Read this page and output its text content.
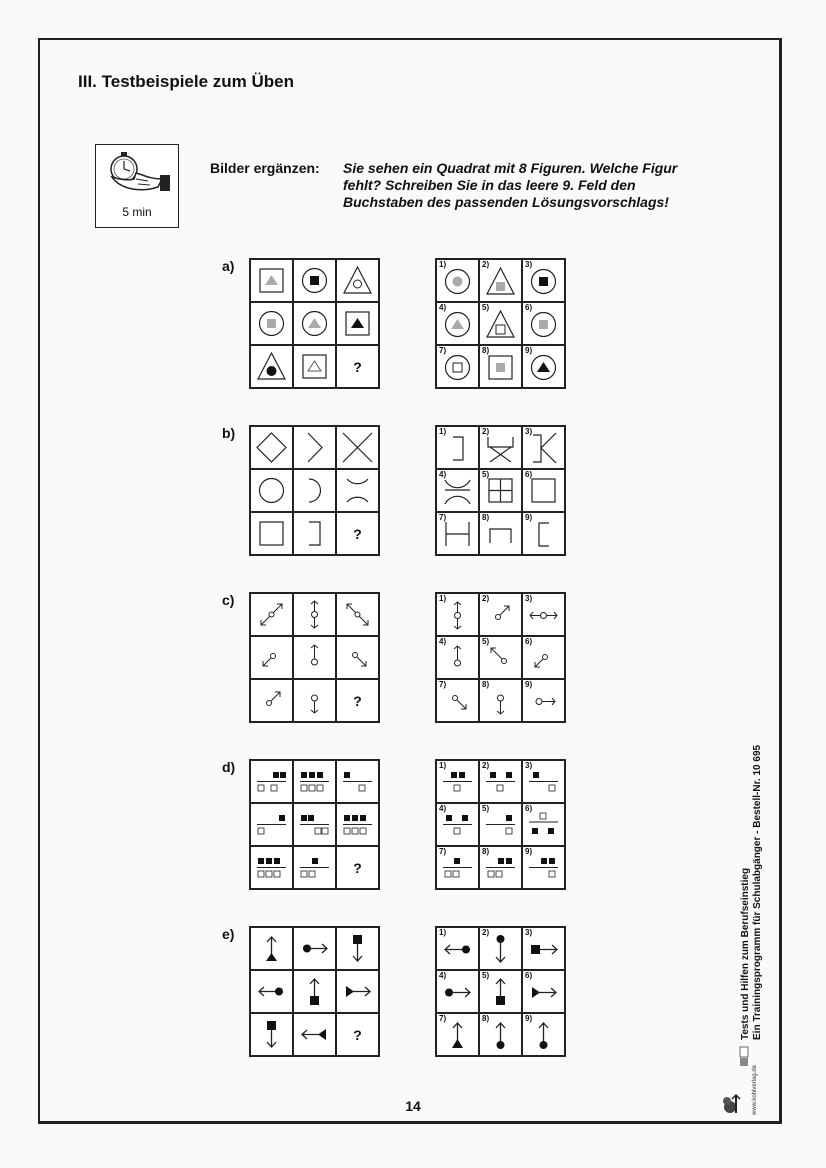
III. Testbeispiele zum Üben
5 min
Bilder ergänzen: Sie sehen ein Quadrat mit 8 Figuren. Welche Figur fehlt? Schreiben Sie in das leere 9. Feld den Buchstaben des passenden Lösungsvorschlags!
a)
b)
c)
d)
e)
?
1)	2)	3)
4)	5)	6)
7)	8)	9)
?
1)	2)	3)
4)	5)	6)
7)	8)	9)
?
1)	2)	3)
4)	5)	6)
7)	8)	9)
?
1)	2)	3)
4)	5)	6)
7)	8)	9)
?
1)	2)	3)
4)	5)	6)
7)	8)	9)
14
Tests und Hilfen zum Berufseinstieg Ein Trainingsprogramm für Schulabgänger - Bestell-Nr. 10 695
www.kohlverlag.de
